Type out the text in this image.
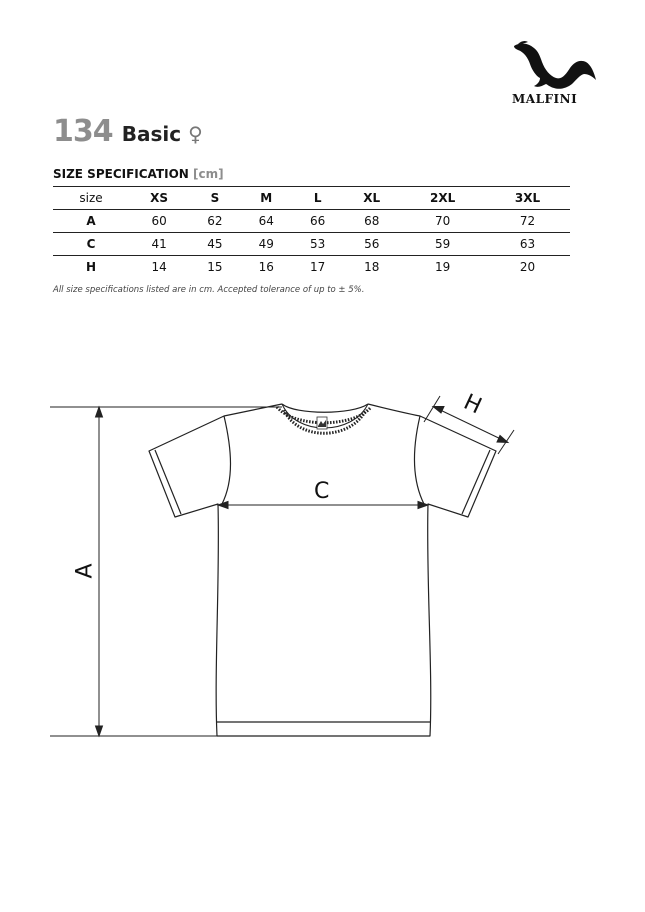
MALFINI
134 Basic ♀
SIZE SPECIFICATION [cm]
size	XS	S	M	L	XL	2XL	3XL
A	60	62	64	66	68	70	72
C	41	45	49	53	56	59	63
H	14	15	16	17	18	19	20
All size specifications listed are in cm. Accepted tolerance of up to ± 5%.
A
C
H
